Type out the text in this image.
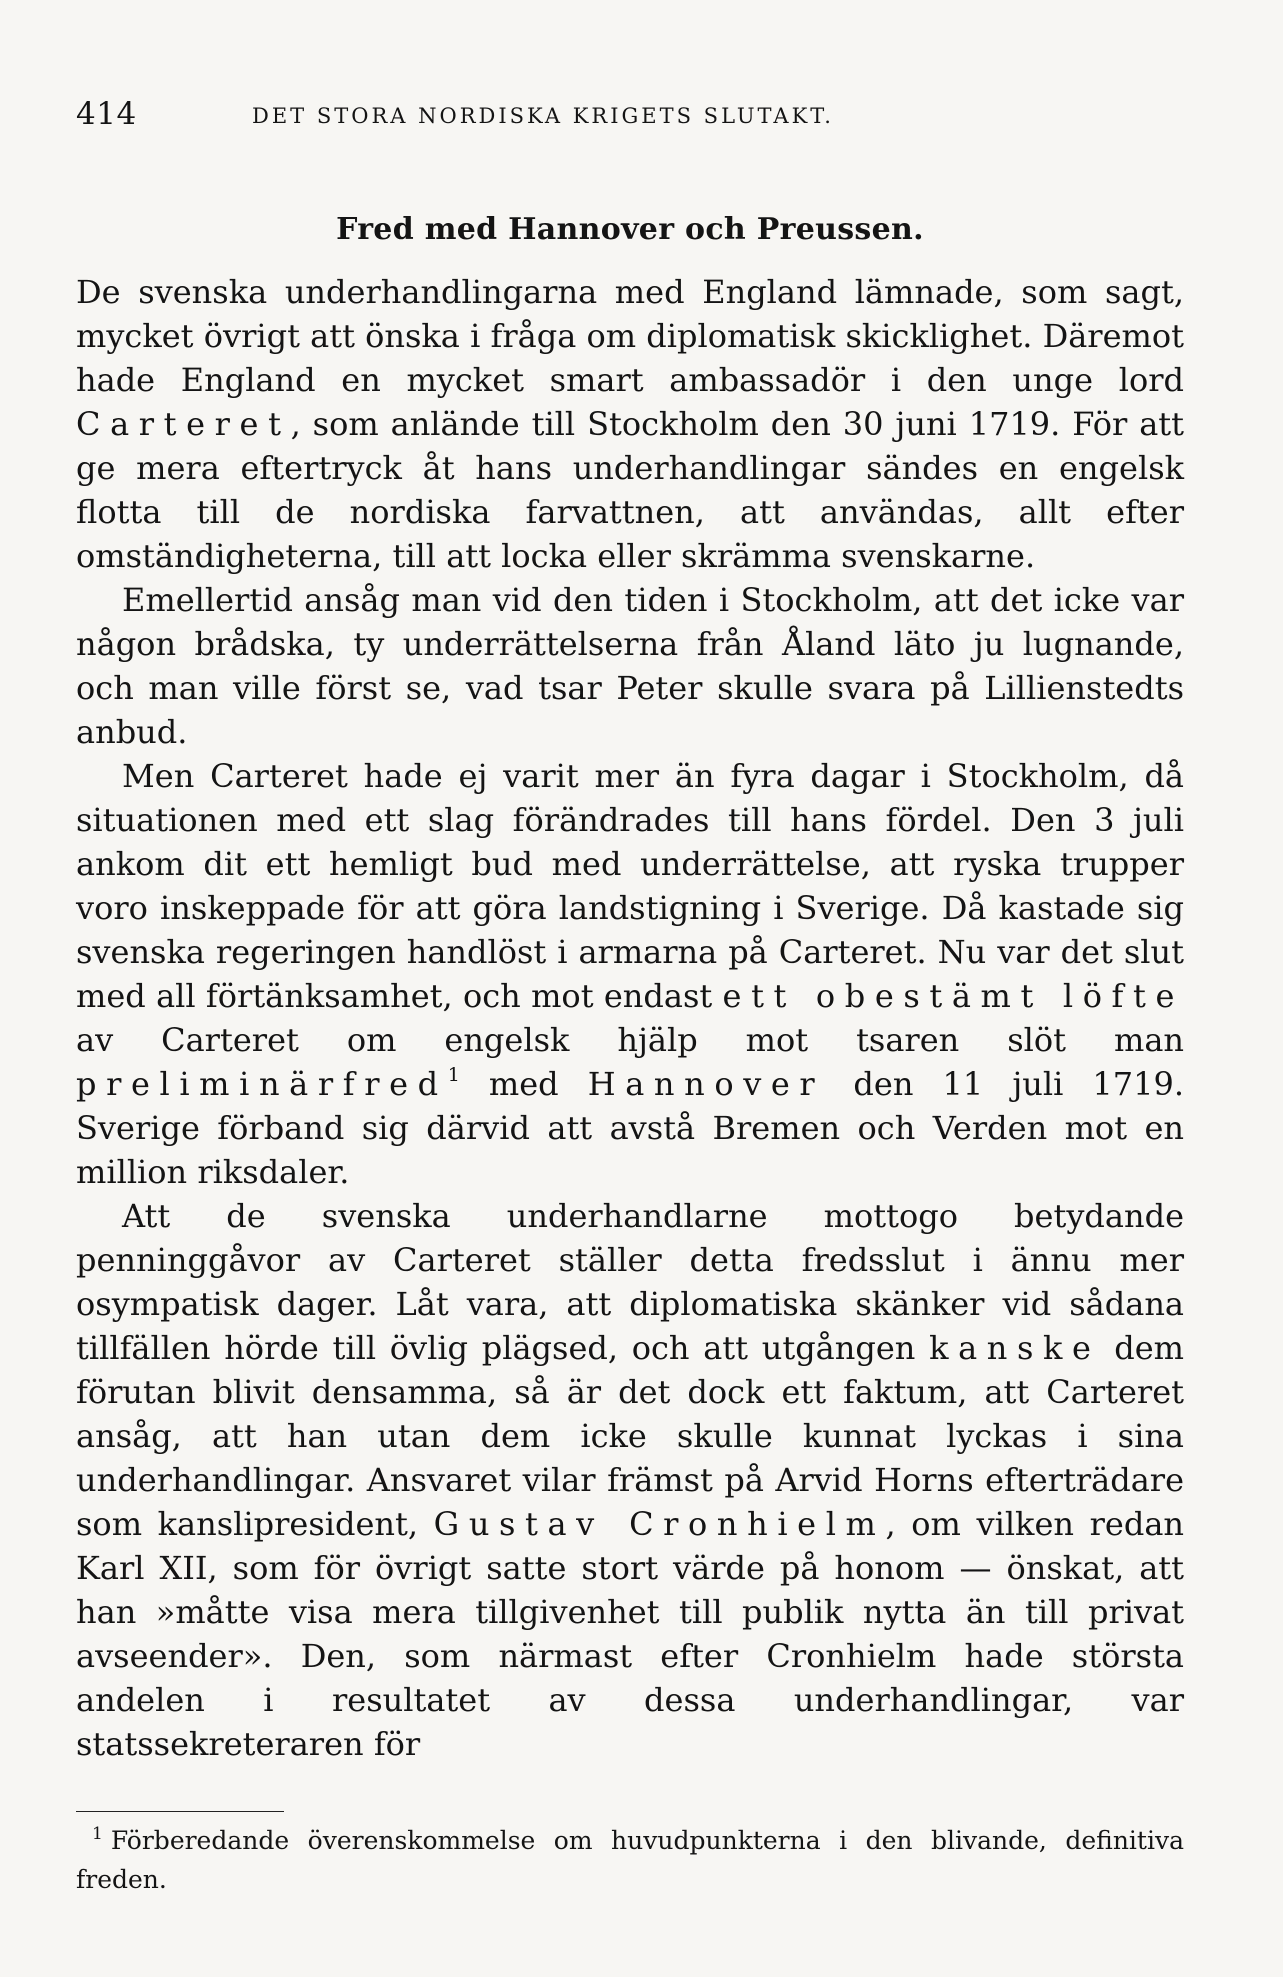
414	DET STORA NORDISKA KRIGETS SLUTAKT.
Fred med Hannover och Preussen.

De svenska underhandlingarna med England lämnade, som sagt, mycket övrigt att önska i fråga om diplomatisk skicklighet. Däremot hade England en mycket smart ambassadör i den unge lord Carteret, som anlände till Stockholm den 30 juni 1719. För att ge mera eftertryck åt hans underhandlingar sändes en engelsk flotta till de nordiska farvattnen, att användas, allt efter omständigheterna, till att locka eller skrämma svenskarne.

Emellertid ansåg man vid den tiden i Stockholm, att det icke var någon brådska, ty underrättelserna från Åland läto ju lugnande, och man ville först se, vad tsar Peter skulle svara på Lillienstedts anbud.

Men Carteret hade ej varit mer än fyra dagar i Stockholm, då situationen med ett slag förändrades till hans fördel. Den 3 juli ankom dit ett hemligt bud med underrättelse, att ryska trupper voro inskeppade för att göra landstigning i Sverige. Då kastade sig svenska regeringen handlöst i armarna på Carteret. Nu var det slut med all förtänksamhet, och mot endast ett obestämt löfte av Carteret om engelsk hjälp mot tsaren slöt man preliminärfred$^1$ med Hannover den 11 juli 1719. Sverige förband sig därvid att avstå Bremen och Verden mot en million riksdaler.

Att de svenska underhandlarne mottogo betydande penninggåvor av Carteret ställer detta fredsslut i ännu mer osympatisk dager. Låt vara, att diplomatiska skänker vid sådana tillfällen hörde till övlig plägsed, och att utgången kanske dem förutan blivit densamma, så är det dock ett faktum, att Carteret ansåg, att han utan dem icke skulle kunnat lyckas i sina underhandlingar. Ansvaret vilar främst på Arvid Horns efterträdare som kanslipresident, Gustav Cronhielm, om vilken redan Karl XII, som för övrigt satte stort värde på honom — önskat, att han »måtte visa mera tillgivenhet till publik nytta än till privat avseender». Den, som närmast efter Cronhielm hade största andelen i resultatet av dessa underhandlingar, var statssekreteraren för

$^1$ Förberedande överenskommelse om huvudpunkterna i den blivande, definitiva freden.
